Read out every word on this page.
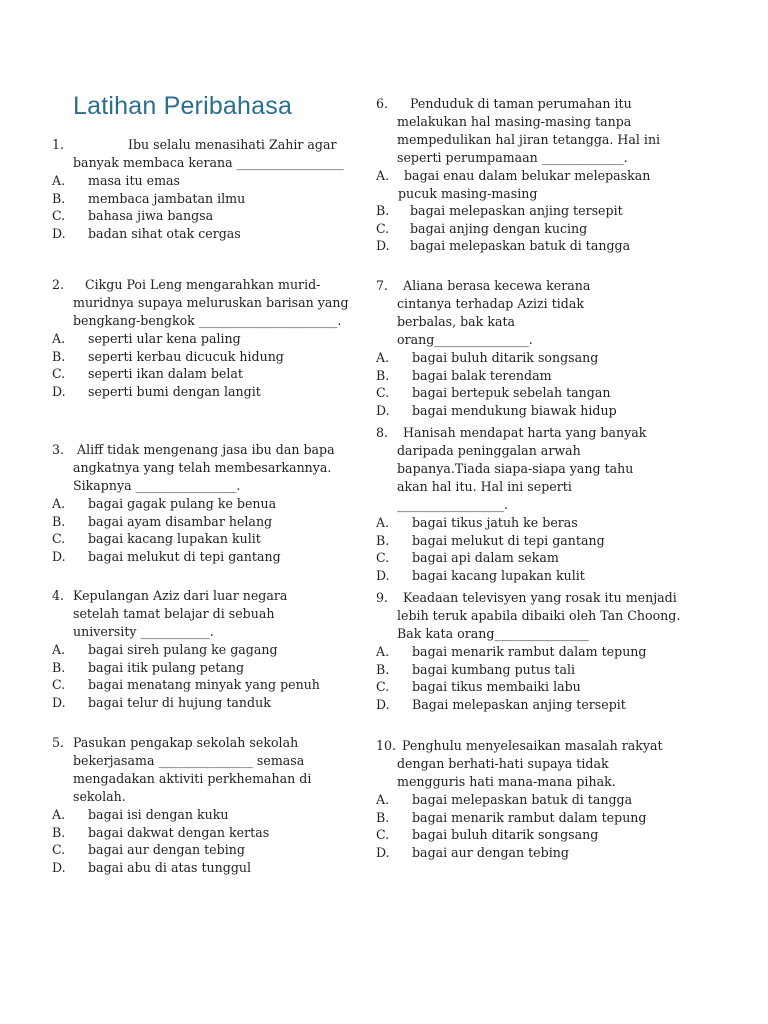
Latihan Peribahasa
1.	Ibu selalu menasihati Zahir agar banyak membaca kerana _________________
A. masa itu emas
B. membaca jambatan ilmu
C. bahasa jiwa bangsa
D. badan sihat otak cergas
2.	Cikgu Poi Leng mengarahkan murid-muridnya supaya meluruskan barisan yang bengkang-bengkok ______________________.
A. seperti ular kena paling
B. seperti kerbau dicucuk hidung
C. seperti ikan dalam belat
D. seperti bumi dengan langit
3.	Aliff tidak mengenang jasa ibu dan bapa angkatnya yang telah membesarkannya. Sikapnya ________________.
A. bagai gagak pulang ke benua
B. bagai ayam disambar helang
C. bagai kacang lupakan kulit
D. bagai melukut di tepi gantang
4. Kepulangan Aziz dari luar negara setelah tamat belajar di sebuah university ___________.
A. bagai sireh pulang ke gagang
B. bagai itik pulang petang
C. bagai menatang minyak yang penuh
D. bagai telur di hujung tanduk
5. Pasukan pengakap sekolah sekolah bekerjasama _______________ semasa mengadakan aktiviti perkhemahan di sekolah.
A. bagai isi dengan kuku
B. bagai dakwat dengan kertas
C. bagai aur dengan tebing
D. bagai abu di atas tunggul
6.	Penduduk di taman perumahan itu melakukan hal masing-masing tanpa mempedulikan hal jiran tetangga. Hal ini seperti perumpamaan _____________.
A.	bagai enau dalam belukar melepaskan pucuk masing-masing
B. bagai melepaskan anjing tersepit
C. bagai anjing dengan kucing
D. bagai melepaskan batuk di tangga
7.	Aliana berasa kecewa kerana cintanya terhadap Azizi tidak berbalas, bak kata orang_______________.
A. bagai buluh ditarik songsang
B. bagai balak terendam
C. bagai bertepuk sebelah tangan
D. bagai mendukung biawak hidup
8.	Hanisah mendapat harta yang banyak daripada peninggalan arwah bapanya.Tiada siapa-siapa yang tahu akan hal itu. Hal ini seperti _________________.
A. bagai tikus jatuh ke beras
B. bagai melukut di tepi gantang
C. bagai api dalam sekam
D. bagai kacang lupakan kulit
9.	Keadaan televisyen yang rosak itu menjadi lebih teruk apabila dibaiki oleh Tan Choong. Bak kata orang_______________
A. bagai menarik rambut dalam tepung
B. bagai kumbang putus tali
C. bagai tikus membaiki labu
D. Bagai melepaskan anjing tersepit
10. Penghulu menyelesaikan masalah rakyat dengan berhati-hati supaya tidak mengguris hati mana-mana pihak.
A. bagai melepaskan batuk di tangga
B. bagai menarik rambut dalam tepung
C. bagai buluh ditarik songsang
D. bagai aur dengan tebing
